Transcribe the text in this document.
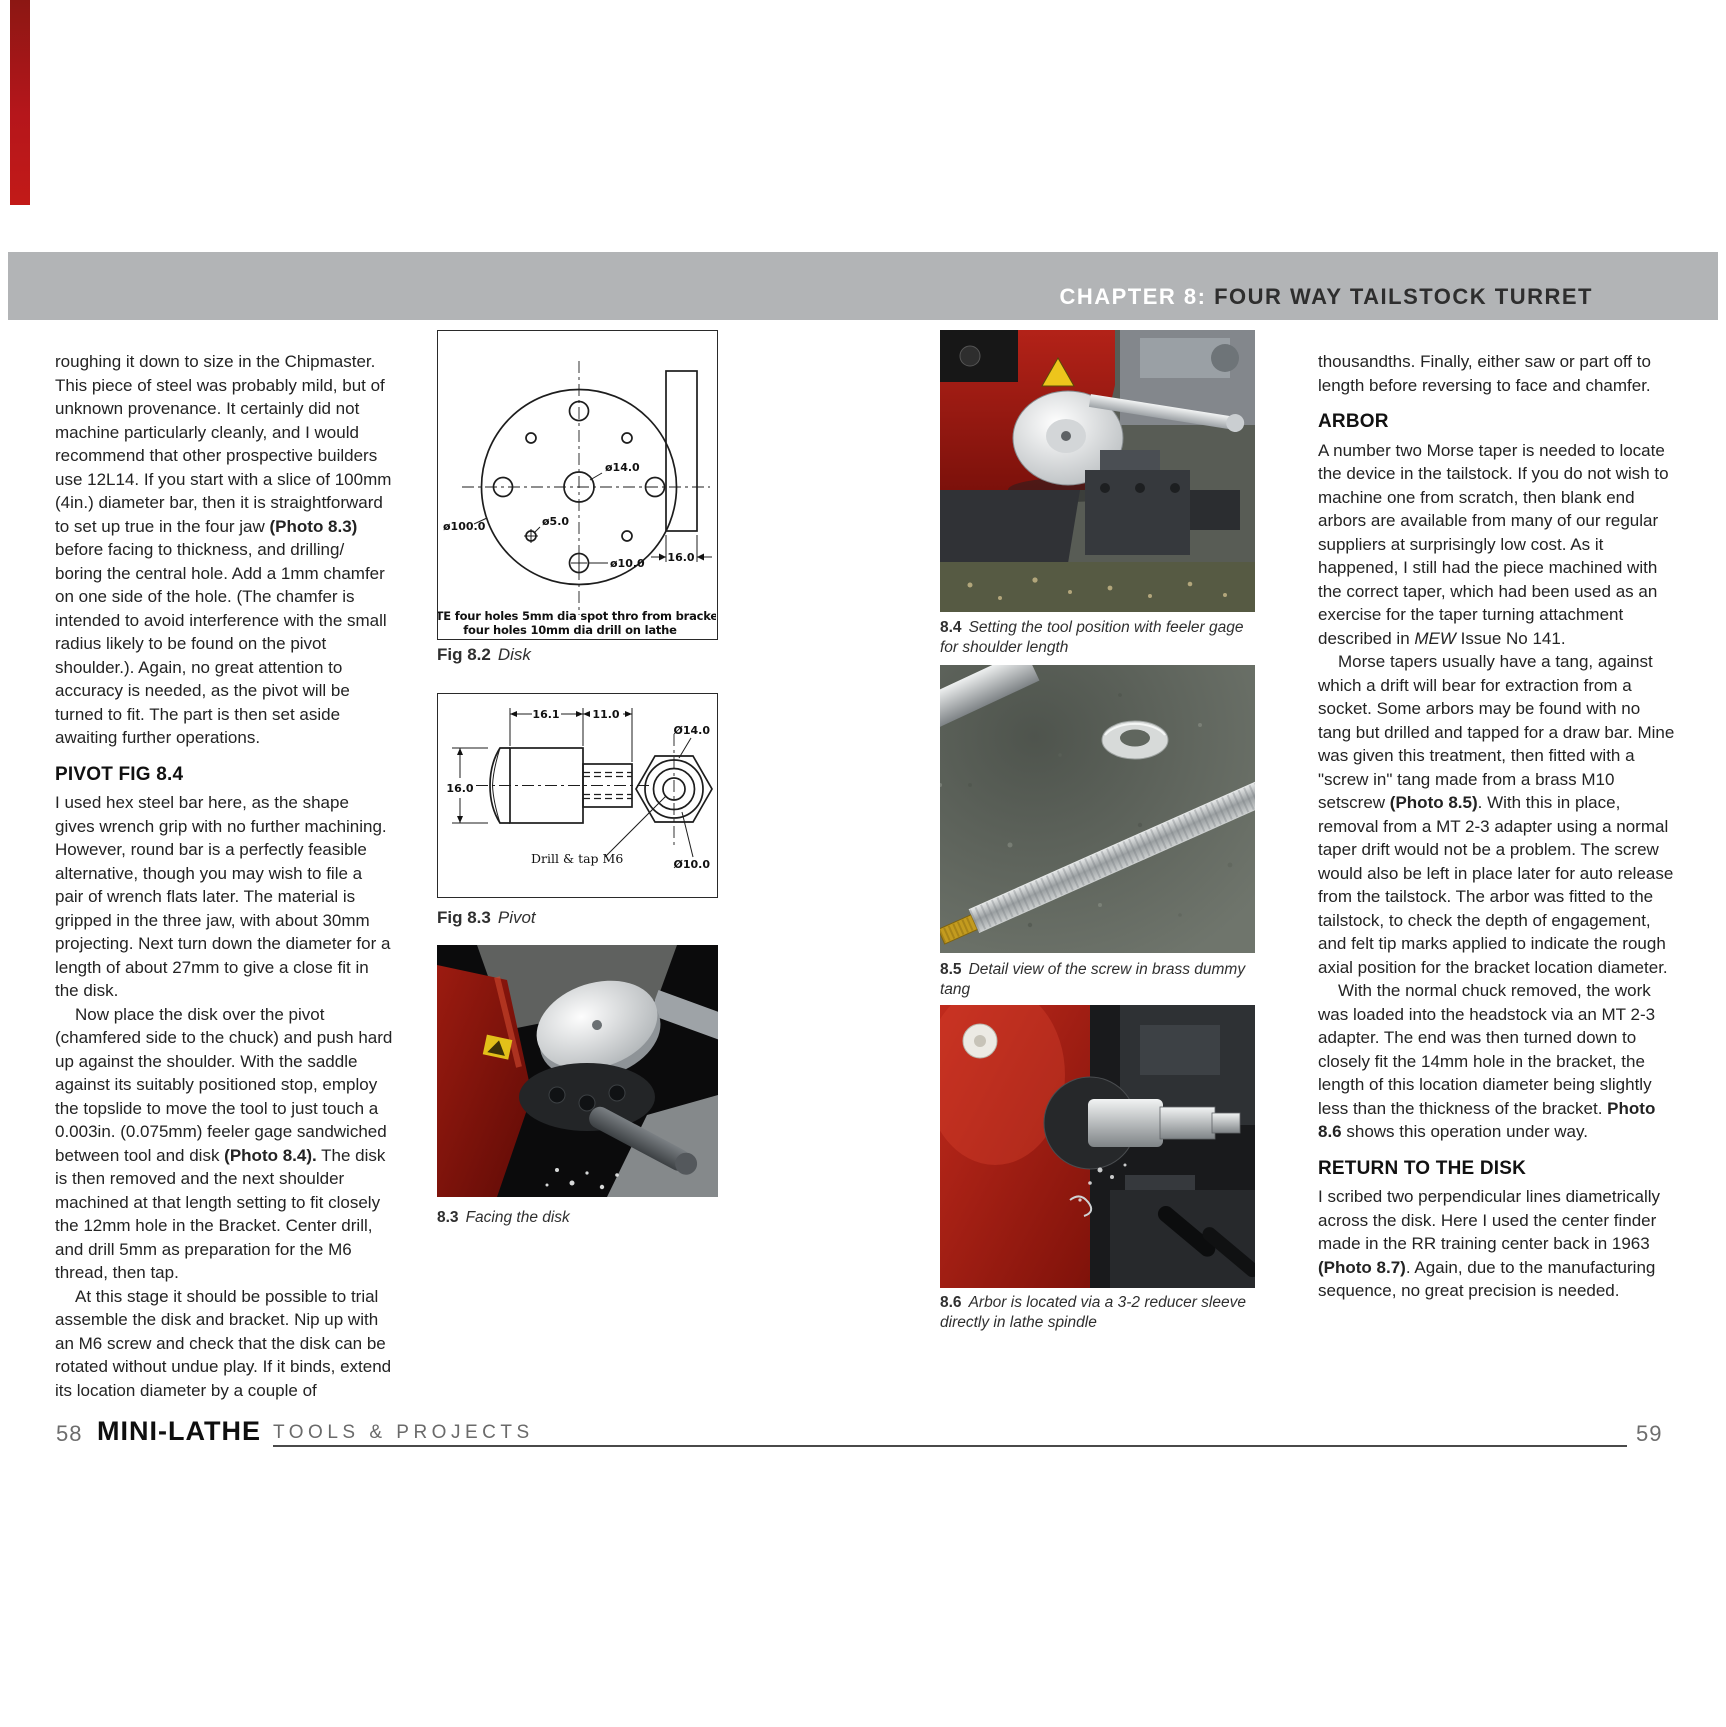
CHAPTER 8: FOUR WAY TAILSTOCK TURRET

roughing it down to size in the Chipmaster. This piece of steel was probably mild, but of unknown provenance. It certainly did not machine particularly cleanly, and I would recommend that other prospective builders use 12L14. If you start with a slice of 100mm (4in.) diameter bar, then it is straightforward to set up true in the four jaw (Photo 8.3) before facing to thickness, and drilling/ boring the central hole. Add a 1mm chamfer on one side of the hole. (The chamfer is intended to avoid interference with the small radius likely to be found on the pivot shoulder.). Again, no great attention to accuracy is needed, as the pivot will be turned to fit. The part is then set aside awaiting further operations.

PIVOT FIG 8.4

I used hex steel bar here, as the shape gives wrench grip with no further machining. However, round bar is a perfectly feasible alternative, though you may wish to file a pair of wrench flats later. The material is gripped in the three jaw, with about 30mm projecting. Next turn down the diameter for a length of about 27mm to give a close fit in the disk.

Now place the disk over the pivot (chamfered side to the chuck) and push hard up against the shoulder. With the saddle against its suitably positioned stop, employ the topslide to move the tool to just touch a 0.003in. (0.075mm) feeler gage sandwiched between tool and disk (Photo 8.4). The disk is then removed and the next shoulder machined at that length setting to fit closely the 12mm hole in the Bracket. Center drill, and drill 5mm as preparation for the M6 thread, then tap.

At this stage it should be possible to trial assemble the disk and bracket. Nip up with an M6 screw and check that the disk can be rotated without undue play. If it binds, extend its location diameter by a couple of

ø14.0
ø100.0	ø5.0
ø10.0 16.0
NOTE four holes 5mm dia spot thro from bracket
four holes 10mm dia drill on lathe
Fig 8.2 Disk
16.1	11.0
16.0
Ø14.0
Ø10.0
Drill & tap M6
Fig 8.3 Pivot
8.3 Facing the disk
8.4 Setting the tool position with feeler gage for shoulder length
8.5 Detail view of the screw in brass dummy tang
8.6 Arbor is located via a 3-2 reducer sleeve directly in lathe spindle

thousandths. Finally, either saw or part off to length before reversing to face and chamfer.

ARBOR

A number two Morse taper is needed to locate the device in the tailstock. If you do not wish to machine one from scratch, then blank end arbors are available from many of our regular suppliers at surprisingly low cost. As it happened, I still had the piece machined with the correct taper, which had been used as an exercise for the taper turning attachment described in MEW Issue No 141.

Morse tapers usually have a tang, against which a drift will bear for extraction from a socket. Some arbors may be found with no tang but drilled and tapped for a draw bar. Mine was given this treatment, then fitted with a "screw in" tang made from a brass M10 setscrew (Photo 8.5). With this in place, removal from a MT 2-3 adapter using a normal taper drift would not be a problem. The screw would also be left in place later for auto release from the tailstock. The arbor was fitted to the tailstock, to check the depth of engagement, and felt tip marks applied to indicate the rough axial position for the bracket location diameter.

With the normal chuck removed, the work was loaded into the headstock via an MT 2-3 adapter. The end was then turned down to closely fit the 14mm hole in the bracket, the length of this location diameter being slightly less than the thickness of the bracket. Photo 8.6 shows this operation under way.

RETURN TO THE DISK

I scribed two perpendicular lines diametrically across the disk. Here I used the center finder made in the RR training center back in 1963 (Photo 8.7). Again, due to the manufacturing sequence, no great precision is needed.

58 MINI-LATHE TOOLS & PROJECTS	59
